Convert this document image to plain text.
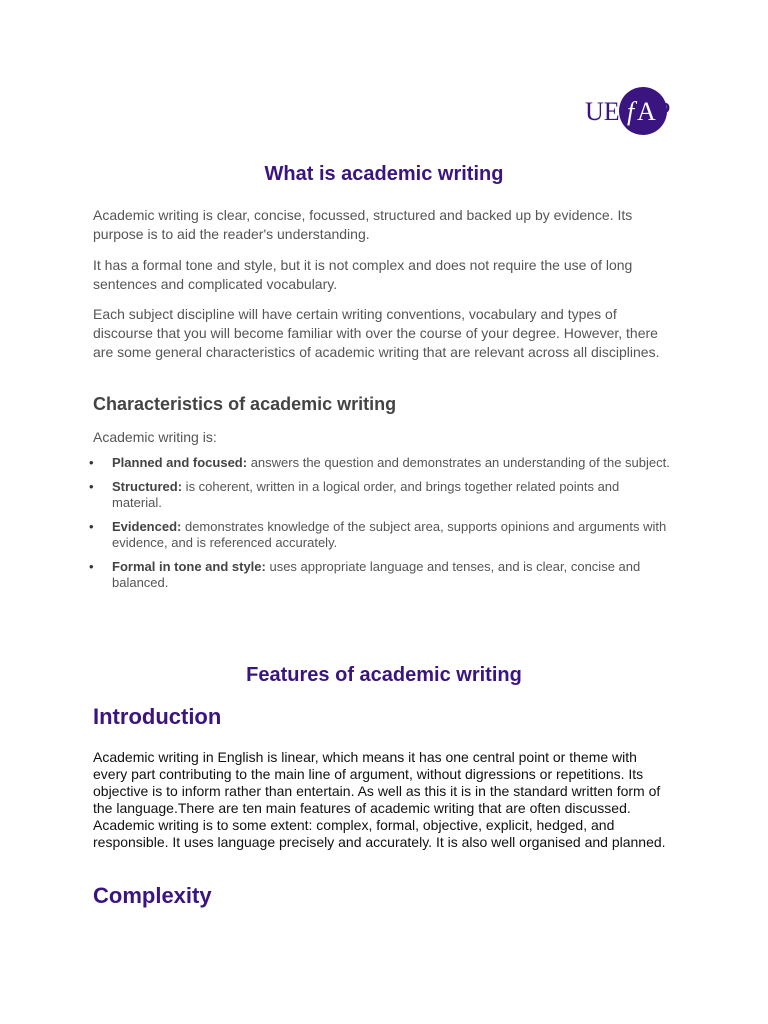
UE f A P
What is academic writing

Academic writing is clear, concise, focussed, structured and backed up by evidence. Its purpose is to aid the reader's understanding.

It has a formal tone and style, but it is not complex and does not require the use of long sentences and complicated vocabulary.

Each subject discipline will have certain writing conventions, vocabulary and types of discourse that you will become familiar with over the course of your degree. However, there are some general characteristics of academic writing that are relevant across all disciplines.

Characteristics of academic writing

Academic writing is:

• Planned and focused: answers the question and demonstrates an understanding of the subject.
• Structured: is coherent, written in a logical order, and brings together related points and material.
• Evidenced: demonstrates knowledge of the subject area, supports opinions and arguments with evidence, and is referenced accurately.
• Formal in tone and style: uses appropriate language and tenses, and is clear, concise and balanced.
Features of academic writing
Introduction

Academic writing in English is linear, which means it has one central point or theme with every part contributing to the main line of argument, without digressions or repetitions. Its objective is to inform rather than entertain. As well as this it is in the standard written form of the language.There are ten main features of academic writing that are often discussed. Academic writing is to some extent: complex, formal, objective, explicit, hedged, and responsible. It uses language precisely and accurately. It is also well organised and planned.

Complexity
